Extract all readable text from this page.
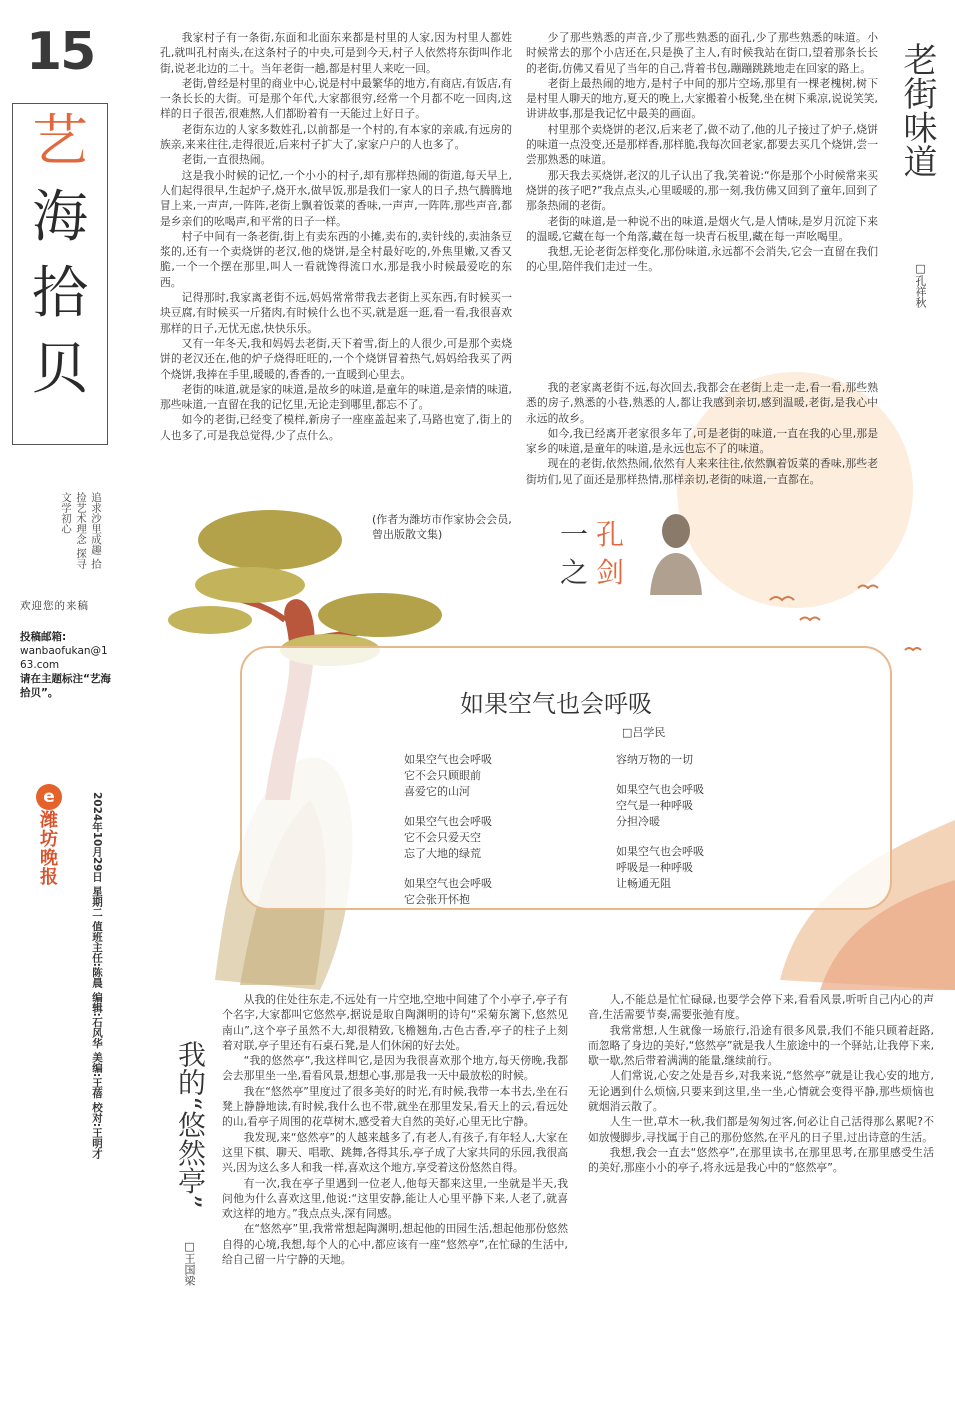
15
艺
海
拾
贝
追求沙里成趣 拾捡艺术理念 探寻文学初心
欢迎您的来稿
投稿邮箱:
wanbaofukan@163.com
请在主题标注“艺海拾贝”。
e
潍坊晚报	2024年10月29日 星期二 值班主任:陈晨 编辑:石风华 美编:王蓓 校对:王明才
老街味道
□孔祥秋

我家村子有一条街,东面和北面东来都是村里的人家,因为村里人都姓孔,就叫孔村南头,在这条村子的中央,可是到今天,村子人依然将东街叫作北街,说老北边的二十。当年老街一趟,都是村里人来吃一回。

老街,曾经是村里的商业中心,说是村中最繁华的地方,有商店,有饭店,有一条长长的大街。可是那个年代,大家都很穷,经常一个月都不吃一回肉,这样的日子很苦,很难熬,人们都盼着有一天能过上好日子。

老街东边的人家多数姓孔,以前都是一个村的,有本家的亲戚,有远房的族亲,来来往往,走得很近,后来村子扩大了,家家户户的人也多了。

老街,一直很热闹。

这是我小时候的记忆,一个小小的村子,却有那样热闹的街道,每天早上,人们起得很早,生起炉子,烧开水,做早饭,那是我们一家人的日子,热气腾腾地冒上来,一声声,一阵阵,老街上飘着饭菜的香味,一声声,一阵阵,那些声音,都是乡亲们的吆喝声,和平常的日子一样。

村子中间有一条老街,街上有卖东西的小摊,卖布的,卖针线的,卖油条豆浆的,还有一个卖烧饼的老汉,他的烧饼,是全村最好吃的,外焦里嫩,又香又脆,一个一个摆在那里,叫人一看就馋得流口水,那是我小时候最爱吃的东西。

记得那时,我家离老街不远,妈妈常常带我去老街上买东西,有时候买一块豆腐,有时候买一斤猪肉,有时候什么也不买,就是逛一逛,看一看,我很喜欢那样的日子,无忧无虑,快快乐乐。

又有一年冬天,我和妈妈去老街,天下着雪,街上的人很少,可是那个卖烧饼的老汉还在,他的炉子烧得旺旺的,一个个烧饼冒着热气,妈妈给我买了两个烧饼,我捧在手里,暖暖的,香香的,一直暖到心里去。

老街的味道,就是家的味道,是故乡的味道,是童年的味道,是亲情的味道,那些味道,一直留在我的记忆里,无论走到哪里,都忘不了。

如今的老街,已经变了模样,新房子一座座盖起来了,马路也宽了,街上的人也多了,可是我总觉得,少了点什么。

少了那些熟悉的声音,少了那些熟悉的面孔,少了那些熟悉的味道。小时候常去的那个小店还在,只是换了主人,有时候我站在街口,望着那条长长的老街,仿佛又看见了当年的自己,背着书包,蹦蹦跳跳地走在回家的路上。

老街上最热闹的地方,是村子中间的那片空场,那里有一棵老槐树,树下是村里人聊天的地方,夏天的晚上,大家搬着小板凳,坐在树下乘凉,说说笑笑,讲讲故事,那是我记忆中最美的画面。

村里那个卖烧饼的老汉,后来老了,做不动了,他的儿子接过了炉子,烧饼的味道一点没变,还是那样香,那样脆,我每次回老家,都要去买几个烧饼,尝一尝那熟悉的味道。

那天我去买烧饼,老汉的儿子认出了我,笑着说:“你是那个小时候常来买烧饼的孩子吧?”我点点头,心里暖暖的,那一刻,我仿佛又回到了童年,回到了那条热闹的老街。

老街的味道,是一种说不出的味道,是烟火气,是人情味,是岁月沉淀下来的温暖,它藏在每一个角落,藏在每一块青石板里,藏在每一声吆喝里。

我想,无论老街怎样变化,那份味道,永远都不会消失,它会一直留在我们的心里,陪伴我们走过一生。

我的老家离老街不远,每次回去,我都会在老街上走一走,看一看,那些熟悉的房子,熟悉的小巷,熟悉的人,都让我感到亲切,感到温暖,老街,是我心中永远的故乡。

如今,我已经离开老家很多年了,可是老街的味道,一直在我的心里,那是家乡的味道,是童年的味道,是永远也忘不了的味道。

现在的老街,依然热闹,依然有人来来往往,依然飘着饭菜的香味,那些老街坊们,见了面还是那样热情,那样亲切,老街的味道,一直都在。

(作者为潍坊市作家协会会员,曾出版散文集)	一 孔
之 剑
如果空气也会呼吸
□吕学民

如果空气也会呼吸
它不会只顾眼前
喜爱它的山河

如果空气也会呼吸
它不会只爱天空
忘了大地的绿荒

如果空气也会呼吸
它会张开怀抱

容纳万物的一切

如果空气也会呼吸
空气是一种呼吸
分担冷暖

如果空气也会呼吸
呼吸是一种呼吸
让畅通无阻

我的“悠然亭”
□王国梁

从我的住处往东走,不远处有一片空地,空地中间建了个小亭子,亭子有个名字,大家都叫它悠然亭,据说是取自陶渊明的诗句“采菊东篱下,悠然见南山”,这个亭子虽然不大,却很精致,飞檐翘角,古色古香,亭子的柱子上刻着对联,亭子里还有石桌石凳,是人们休闲的好去处。

“我的悠然亭”,我这样叫它,是因为我很喜欢那个地方,每天傍晚,我都会去那里坐一坐,看看风景,想想心事,那是我一天中最放松的时候。

我在“悠然亭”里度过了很多美好的时光,有时候,我带一本书去,坐在石凳上静静地读,有时候,我什么也不带,就坐在那里发呆,看天上的云,看远处的山,看亭子周围的花草树木,感受着大自然的美好,心里无比宁静。

我发现,来“悠然亭”的人越来越多了,有老人,有孩子,有年轻人,大家在这里下棋、聊天、唱歌、跳舞,各得其乐,亭子成了大家共同的乐园,我很高兴,因为这么多人和我一样,喜欢这个地方,享受着这份悠然自得。

有一次,我在亭子里遇到一位老人,他每天都来这里,一坐就是半天,我问他为什么喜欢这里,他说:“这里安静,能让人心里平静下来,人老了,就喜欢这样的地方。”我点点头,深有同感。

在“悠然亭”里,我常常想起陶渊明,想起他的田园生活,想起他那份悠然自得的心境,我想,每个人的心中,都应该有一座“悠然亭”,在忙碌的生活中,给自己留一片宁静的天地。

人,不能总是忙忙碌碌,也要学会停下来,看看风景,听听自己内心的声音,生活需要节奏,需要张弛有度。

我常常想,人生就像一场旅行,沿途有很多风景,我们不能只顾着赶路,而忽略了身边的美好,“悠然亭”就是我人生旅途中的一个驿站,让我停下来,歇一歇,然后带着满满的能量,继续前行。

人们常说,心安之处是吾乡,对我来说,“悠然亭”就是让我心安的地方,无论遇到什么烦恼,只要来到这里,坐一坐,心情就会变得平静,那些烦恼也就烟消云散了。

人生一世,草木一秋,我们都是匆匆过客,何必让自己活得那么累呢?不如放慢脚步,寻找属于自己的那份悠然,在平凡的日子里,过出诗意的生活。

我想,我会一直去“悠然亭”,在那里读书,在那里思考,在那里感受生活的美好,那座小小的亭子,将永远是我心中的“悠然亭”。
